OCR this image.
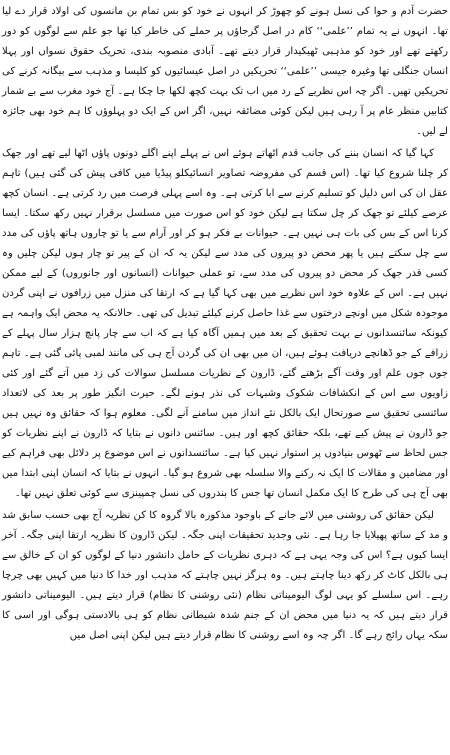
حضرت آدم و حوا کی نسل ہونے کو چھوڑ کر انہوں نے خود کو بس تمام بن مانسوں کی اولاد قرار دے لیا تھا۔ انہوں نے یہ تمام ’’علمی‘‘ کام در اصل گرجاؤں پر حملے کی خاطر کیا تھا جو علم سے لوگوں کو دور رکھتے تھے اور خود کو مذہبی ٹھیکیدار قرار دیتے تھے۔ آبادی منصوبہ بندی، تحریک حقوق نسواں اور پہلا انسان جنگلی تھا وغیرہ جیسی ’’علمی‘‘ تحریکیں در اصل عیسائیوں کو کلیسا و مذہب سے بیگانہ کرنے کی تحریکیں تھیں۔ اگر چہ اس نظریے کے رد میں اب تک بہت کچھ لکھا جا چکا ہے۔ آج خود مغرب سے بے شمار کتابیں منظر عام پر آ رہی ہیں لیکن کوئی مضائقہ نہیں، اگر اس کے ایک دو پہلوؤں کا ہم خود بھی جائزہ لے لیں۔

کہا گیا کہ انسان بننے کی جانب قدم اٹھاتے ہوئے اس نے پہلے اپنے اگلے دونوں پاؤں اٹھا لیے تھے اور جھک کر چلنا شروع کیا تھا۔ (اس قسم کی مفروضہ تصاویر انسائیکلو پیڈیا میں کافی پیش کی گئی ہیں) تاہم عقل ان کی اس دلیل کو تسلیم کرنے سے ابا کرتی ہے۔ وہ اسے پہلی فرصت میں رد کرتی ہے۔ انسان کچھ عرصے کیلئے تو جھک کر چل سکتا ہے لیکن خود کو اس صورت میں مسلسل برقرار نہیں رکھ سکتا۔ ایسا کرنا اس کے بس کی بات ہی نہیں ہے۔ حیوانات بے فکر ہو کر اور آرام سے یا تو چاروں ہاتھ پاؤں کی مدد سے چل سکتے ہیں یا پھر محض دو پیروں کی مدد سے لیکن یہ کہ ان کے پیر تو چار ہوں لیکن چلیں وہ کسی قدر جھک کر محض دو پیروں کی مدد سے، تو عملی حیوانات (انسانوں اور جانوروں) کے لیے ممکن نہیں ہے۔ اس کے علاوہ خود اس نظریے میں بھی کہا گیا ہے کہ ارتقا کی منزل میں زرافوں نے اپنی گردن موجودہ شکل میں اونچے درختوں سے غذا حاصل کرنے کیلئے تبدیل کی تھی۔ حالانکہ یہ محض ایک واہمہ ہے کیونکہ سائنسدانوں نے بہت تحقیق کے بعد میں ہمیں آگاہ کیا ہے کہ اب سے چار پانچ ہزار سال پہلے کے زرافے کے جو ڈھانچے دریافت ہوئے ہیں، ان میں بھی ان کی گردن آج ہی کی مانند لمبی پائی گئی ہے۔ تاہم جوں جوں علم اور وقت آگے بڑھتے گئے، ڈارون کے نظریات مسلسل سوالات کی زد میں آتے گئے اور کئی زاویوں سے اس کے انکشافات شکوک وشبہات کی نذر ہونے لگے۔ حیرت انگیز طور پر بعد کی لاتعداد سائنسی تحقیق سے صورتحال ایک بالکل نئے انداز میں سامنے آنے لگی۔ معلوم ہوا کہ حقائق وہ نہیں ہیں جو ڈارون نے پیش کیے تھے، بلکہ حقائق کچھ اور ہیں۔ سائنس دانوں نے بتایا کہ ڈارون نے اپنے نظریات کو جس لحاظ سے ٹھوس بنیادوں پر استوار نہیں کیا ہے۔ سائنسدانوں نے اس موضوع پر دلائل بھی فراہم کیے اور مضامین و مقالات کا ایک نہ رکنے والا سلسلہ بھی شروع ہو گیا۔ انہوں نے بتایا کہ انسان اپنی ابتدا میں بھی آج ہی کی طرح کا ایک مکمل انسان تھا جس کا بندروں کی نسل چمپینزی سے کوئی تعلق نہیں تھا۔

لیکن حقائق کی روشنی میں لائے جانے کے باوجود مذکورہ بالا گروہ کا کن نظریہ آج بھی حسب سابق شد و مد کے ساتھ پھیلایا جا رہا ہے۔ نئی وجدید تحقیقات اپنی جگہ۔ لیکن ڈارون کا نظریہ ارتقا اپنی جگہ۔ آخر ایسا کیوں ہے؟ اس کی وجہ یہی ہے کہ دہری نظریات کے حامل دانشور دنیا کے لوگوں کو ان کے خالق سے ہی بالکل کاٹ کر رکھ دینا چاہتے ہیں۔ وہ ہرگز نہیں چاہتے کہ مذہب اور خدا کا دنیا میں کہیں بھی چرچا رہے۔ اس سلسلے کو یہی لوگ الیومیناتی نظام (نئی روشنی کا نظام) قرار دیتے ہیں۔ الیومیناتی دانشور قرار دیتے ہیں کہ یہ دنیا میں محض ان کے جنم شدہ شیطانی نظام کو ہی بالادستی ہوگی اور اسی کا سکہ یہاں رائج رہے گا۔ اگر چہ وہ اسے روشنی کا نظام قرار دیتے ہیں لیکن اپنی اصل میں
